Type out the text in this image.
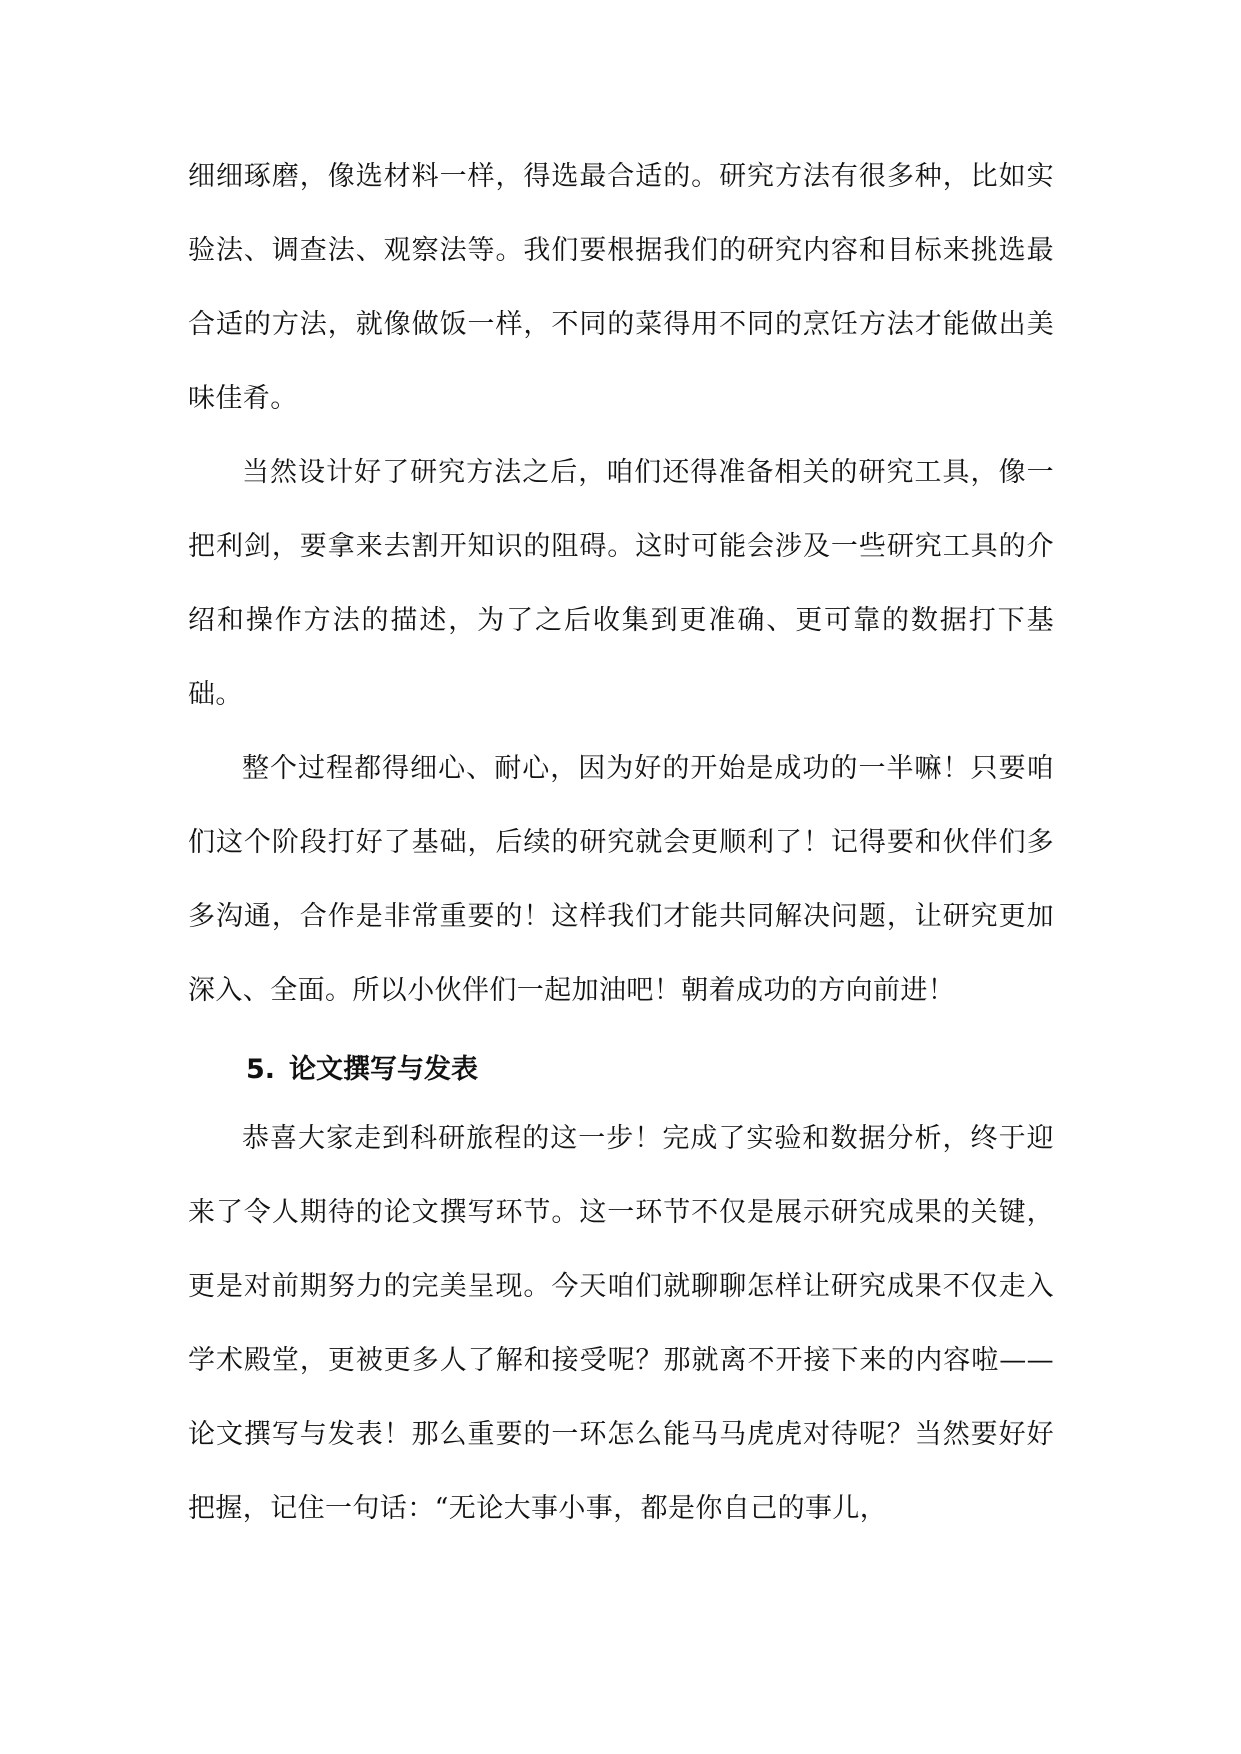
细细琢磨，像选材料一样，得选最合适的。研究方法有很多种，比如实验法、调查法、观察法等。我们要根据我们的研究内容和目标来挑选最合适的方法，就像做饭一样，不同的菜得用不同的烹饪方法才能做出美味佳肴。

当然设计好了研究方法之后，咱们还得准备相关的研究工具，像一把利剑，要拿来去割开知识的阻碍。这时可能会涉及一些研究工具的介绍和操作方法的描述，为了之后收集到更准确、更可靠的数据打下基础。

整个过程都得细心、耐心，因为好的开始是成功的一半嘛！只要咱们这个阶段打好了基础，后续的研究就会更顺利了！记得要和伙伴们多多沟通，合作是非常重要的！这样我们才能共同解决问题，让研究更加深入、全面。所以小伙伴们一起加油吧！朝着成功的方向前进！

5. 论文撰写与发表

恭喜大家走到科研旅程的这一步！完成了实验和数据分析，终于迎来了令人期待的论文撰写环节。这一环节不仅是展示研究成果的关键，更是对前期努力的完美呈现。今天咱们就聊聊怎样让研究成果不仅走入学术殿堂，更被更多人了解和接受呢？那就离不开接下来的内容啦——论文撰写与发表！那么重要的一环怎么能马马虎虎对待呢？当然要好好把握，记住一句话：“无论大事小事，都是你自己的事儿，
